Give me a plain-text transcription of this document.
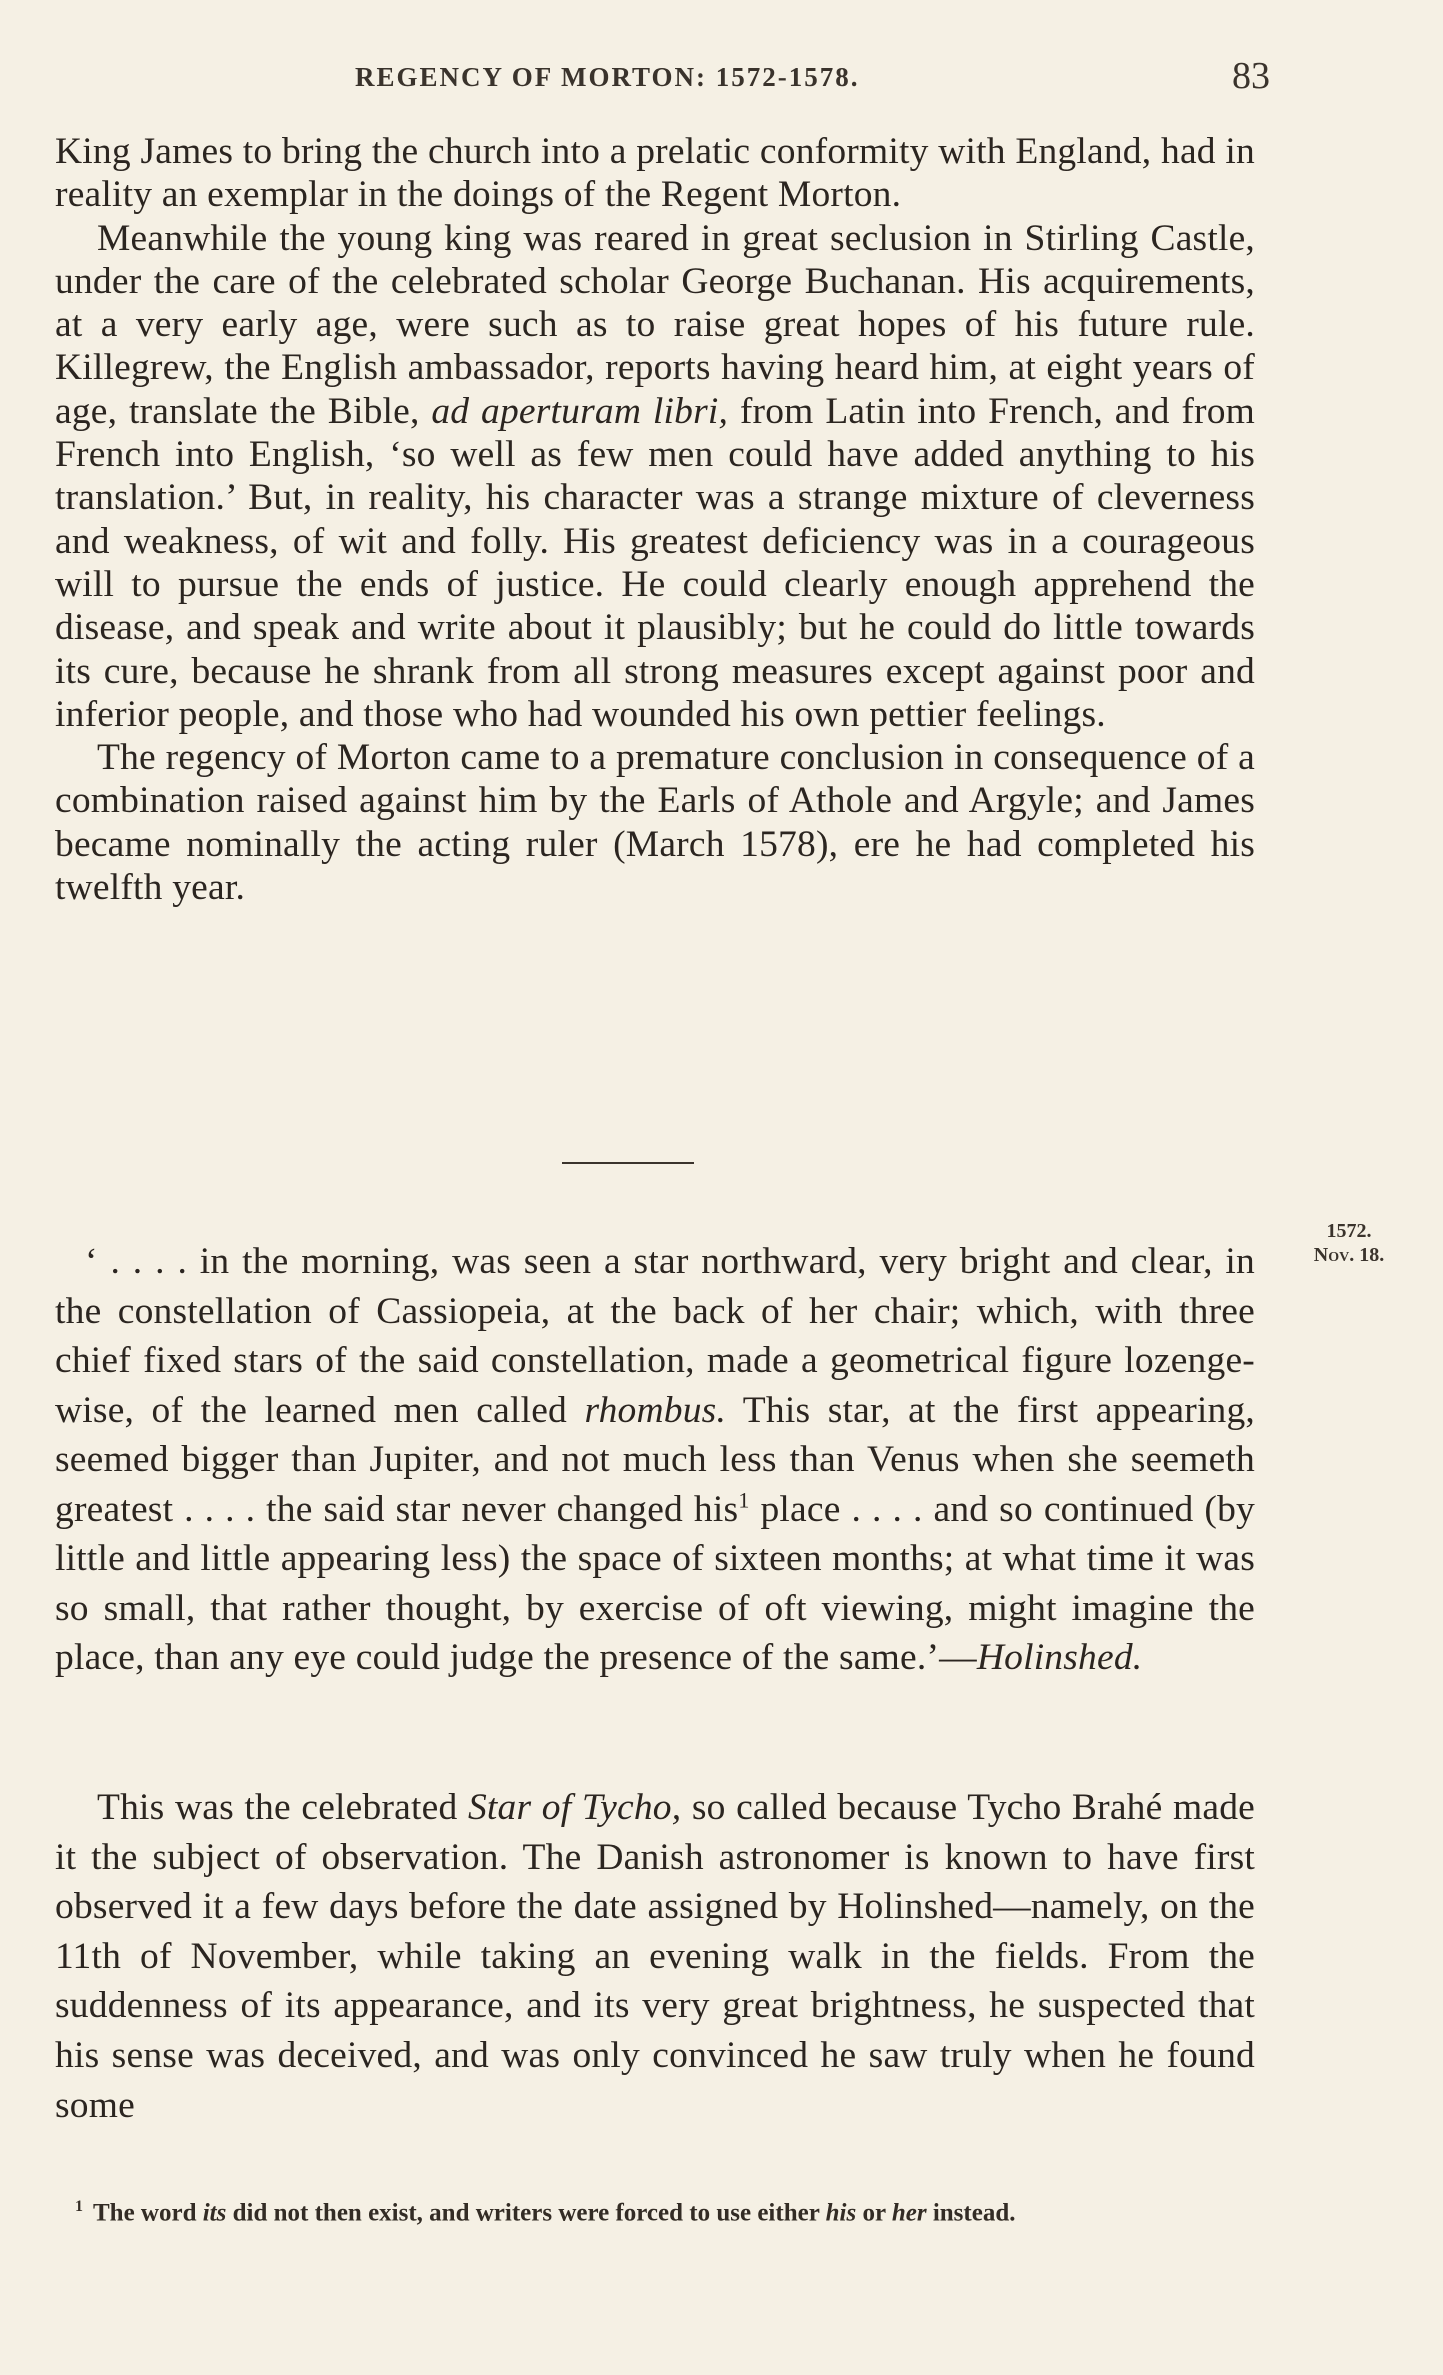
REGENCY OF MORTON: 1572-1578.	83

King James to bring the church into a prelatic conformity with England, had in reality an exemplar in the doings of the Regent Morton.

Meanwhile the young king was reared in great seclusion in Stirling Castle, under the care of the celebrated scholar George Buchanan. His acquirements, at a very early age, were such as to raise great hopes of his future rule. Killegrew, the English ambassador, reports having heard him, at eight years of age, translate the Bible, ad aperturam libri, from Latin into French, and from French into English, ‘so well as few men could have added anything to his translation.’ But, in reality, his character was a strange mixture of cleverness and weakness, of wit and folly. His greatest deficiency was in a courageous will to pursue the ends of justice. He could clearly enough apprehend the disease, and speak and write about it plausibly; but he could do little towards its cure, because he shrank from all strong measures except against poor and inferior people, and those who had wounded his own pettier feelings.

The regency of Morton came to a premature conclusion in consequence of a combination raised against him by the Earls of Athole and Argyle; and James became nominally the acting ruler (March 1578), ere he had completed his twelfth year.

1572.
Nov. 18.

‘ . . . . in the morning, was seen a star northward, very bright and clear, in the constellation of Cassiopeia, at the back of her chair; which, with three chief fixed stars of the said constellation, made a geometrical figure lozenge-wise, of the learned men called rhombus. This star, at the first appearing, seemed bigger than Jupiter, and not much less than Venus when she seemeth greatest . . . . the said star never changed his$^1$ place . . . . and so continued (by little and little appearing less) the space of sixteen months; at what time it was so small, that rather thought, by exercise of oft viewing, might imagine the place, than any eye could judge the presence of the same.’—Holinshed.

This was the celebrated Star of Tycho, so called because Tycho Brahé made it the subject of observation. The Danish astronomer is known to have first observed it a few days before the date assigned by Holinshed—namely, on the 11th of November, while taking an evening walk in the fields. From the suddenness of its appearance, and its very great brightness, he suspected that his sense was deceived, and was only convinced he saw truly when he found some

$^1$ The word its did not then exist, and writers were forced to use either his or her instead.
